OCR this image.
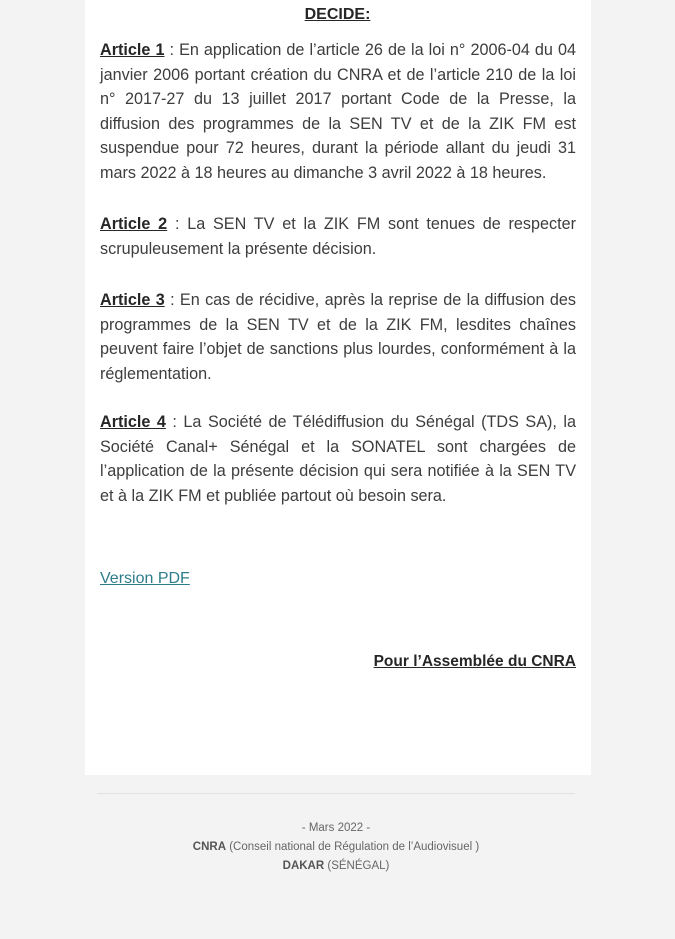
DECIDE:
Article 1 : En application de l’article 26 de la loi n° 2006-04 du 04 janvier 2006 portant création du CNRA et de l’article 210 de la loi n° 2017-27 du 13 juillet 2017 portant Code de la Presse, la diffusion des programmes de la SEN TV et de la ZIK FM est suspendue pour 72 heures, durant la période allant du jeudi 31 mars 2022 à 18 heures au dimanche 3 avril 2022 à 18 heures.
Article 2 : La SEN TV et la ZIK FM sont tenues de respecter scrupuleusement la présente décision.
Article 3 : En cas de récidive, après la reprise de la diffusion des programmes de la SEN TV et de la ZIK FM, lesdites chaînes peuvent faire l’objet de sanctions plus lourdes, conformément à la réglementation.
Article 4 : La Société de Télédiffusion du Sénégal (TDS SA), la Société Canal+ Sénégal et la SONATEL sont chargées de l’application de la présente décision qui sera notifiée à la SEN TV et à la ZIK FM et publiée partout où besoin sera.
Version PDF
Pour l’Assemblée du CNRA
- Mars 2022 -
CNRA (Conseil national de Régulation de l’Audiovisuel )
DAKAR (SÉNÉGAL)
